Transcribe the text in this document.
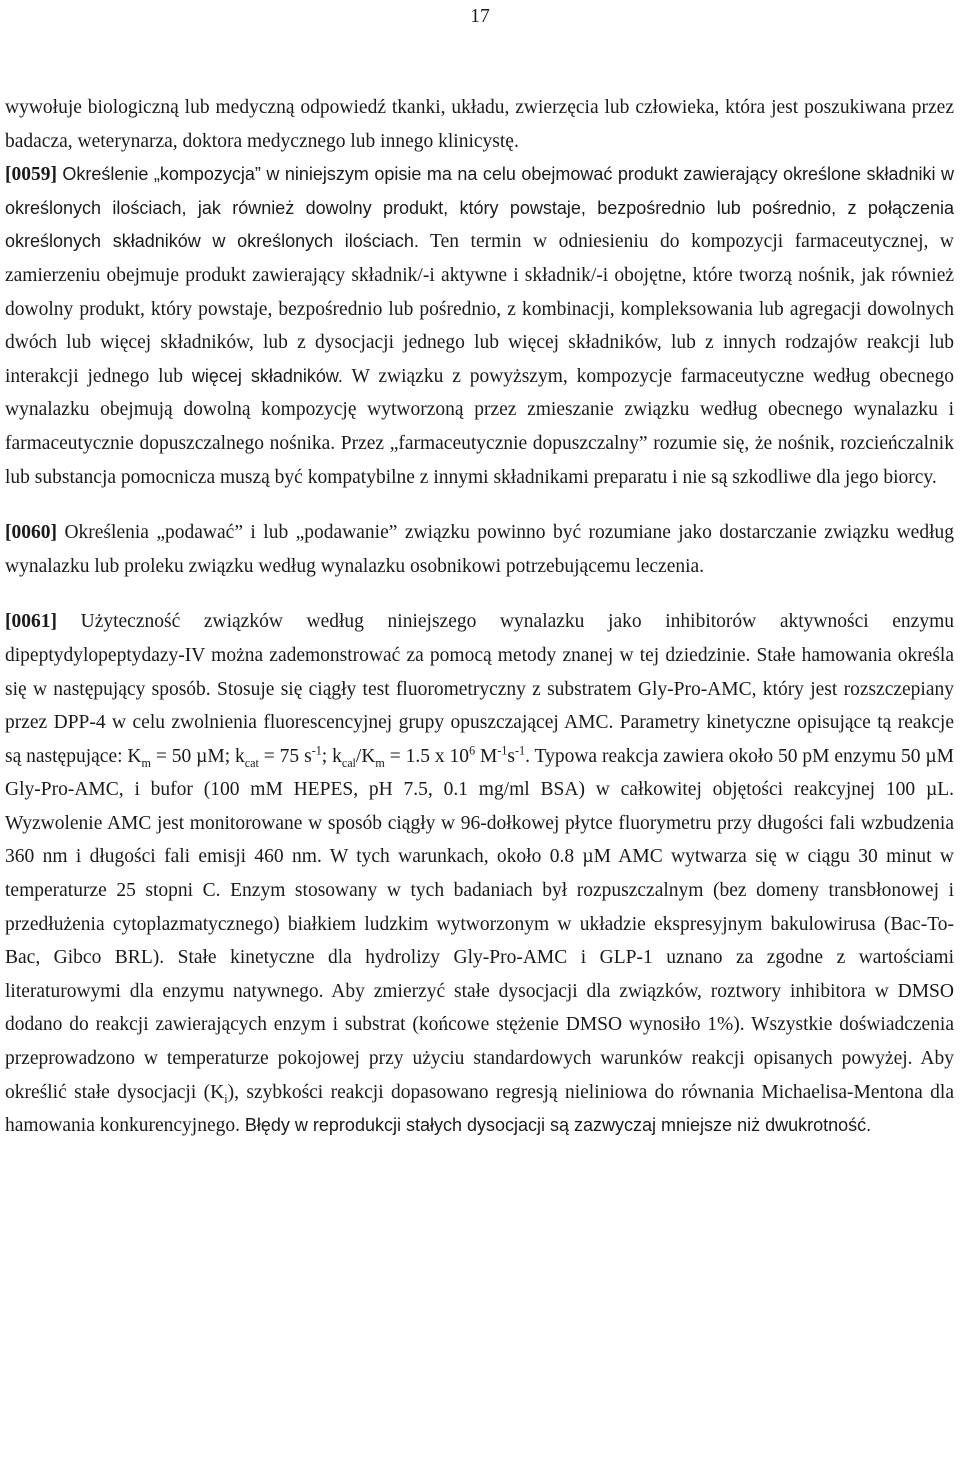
17

wywołuje biologiczną lub medyczną odpowiedź tkanki, układu, zwierzęcia lub człowieka, która jest poszukiwana przez badacza, weterynarza, doktora medycznego lub innego klinicystę.

[0059] Określenie „kompozycja” w niniejszym opisie ma na celu obejmować produkt zawierający określone składniki w określonych ilościach, jak również dowolny produkt, który powstaje, bezpośrednio lub pośrednio, z połączenia określonych składników w określonych ilościach. Ten termin w odniesieniu do kompozycji farmaceutycznej, w zamierzeniu obejmuje produkt zawierający składnik/-i aktywne i składnik/-i obojętne, które tworzą nośnik, jak również dowolny produkt, który powstaje, bezpośrednio lub pośrednio, z kombinacji, kompleksowania lub agregacji dowolnych dwóch lub więcej składników, lub z dysocjacji jednego lub więcej składników, lub z innych rodzajów reakcji lub interakcji jednego lub więcej składników. W związku z powyższym, kompozycje farmaceutyczne według obecnego wynalazku obejmują dowolną kompozycję wytworzoną przez zmieszanie związku według obecnego wynalazku i farmaceutycznie dopuszczalnego nośnika. Przez „farmaceutycznie dopuszczalny” rozumie się, że nośnik, rozcieńczalnik lub substancja pomocnicza muszą być kompatybilne z innymi składnikami preparatu i nie są szkodliwe dla jego biorcy.

[0060] Określenia „podawać” i lub „podawanie” związku powinno być rozumiane jako dostarczanie związku według wynalazku lub proleku związku według wynalazku osobnikowi potrzebującemu leczenia.

[0061] Użyteczność związków według niniejszego wynalazku jako inhibitorów aktywności enzymu dipeptydylopeptydazy-IV można zademonstrować za pomocą metody znanej w tej dziedzinie. Stałe hamowania określa się w następujący sposób. Stosuje się ciągły test fluorometryczny z substratem Gly-Pro-AMC, który jest rozszczepiany przez DPP-4 w celu zwolnienia fluorescencyjnej grupy opuszczającej AMC. Parametry kinetyczne opisujące tą reakcje są następujące: $K_m = 50$ µM; $k_{cat} = 75$ $s^{-1}$; $k_{cal}/K_m = 1.5$ x $10^6$ $M^{-1}s^{-1}$. Typowa reakcja zawiera około 50 pM enzymu 50 µM Gly-Pro-AMC, i bufor (100 mM HEPES, pH 7.5, 0.1 mg/ml BSA) w całkowitej objętości reakcyjnej 100 µL. Wyzwolenie AMC jest monitorowane w sposób ciągły w 96-dołkowej płytce fluorymetru przy długości fali wzbudzenia 360 nm i długości fali emisji 460 nm. W tych warunkach, około 0.8 µM AMC wytwarza się w ciągu 30 minut w temperaturze 25 stopni C. Enzym stosowany w tych badaniach był rozpuszczalnym (bez domeny transbłonowej i przedłużenia cytoplazmatycznego) białkiem ludzkim wytworzonym w układzie ekspresyjnym bakulowirusa (Bac-To-Bac, Gibco BRL). Stałe kinetyczne dla hydrolizy Gly-Pro-AMC i GLP-1 uznano za zgodne z wartościami literaturowymi dla enzymu natywnego. Aby zmierzyć stałe dysocjacji dla związków, roztwory inhibitora w DMSO dodano do reakcji zawierających enzym i substrat (końcowe stężenie DMSO wynosiło 1%). Wszystkie doświadczenia przeprowadzono w temperaturze pokojowej przy użyciu standardowych warunków reakcji opisanych powyżej. Aby określić stałe dysocjacji $(K_i)$, szybkości reakcji dopasowano regresją nieliniowa do równania Michaelisa-Mentona dla hamowania konkurencyjnego. Błędy w reprodukcji stałych dysocjacji są zazwyczaj mniejsze niż dwukrotność.
